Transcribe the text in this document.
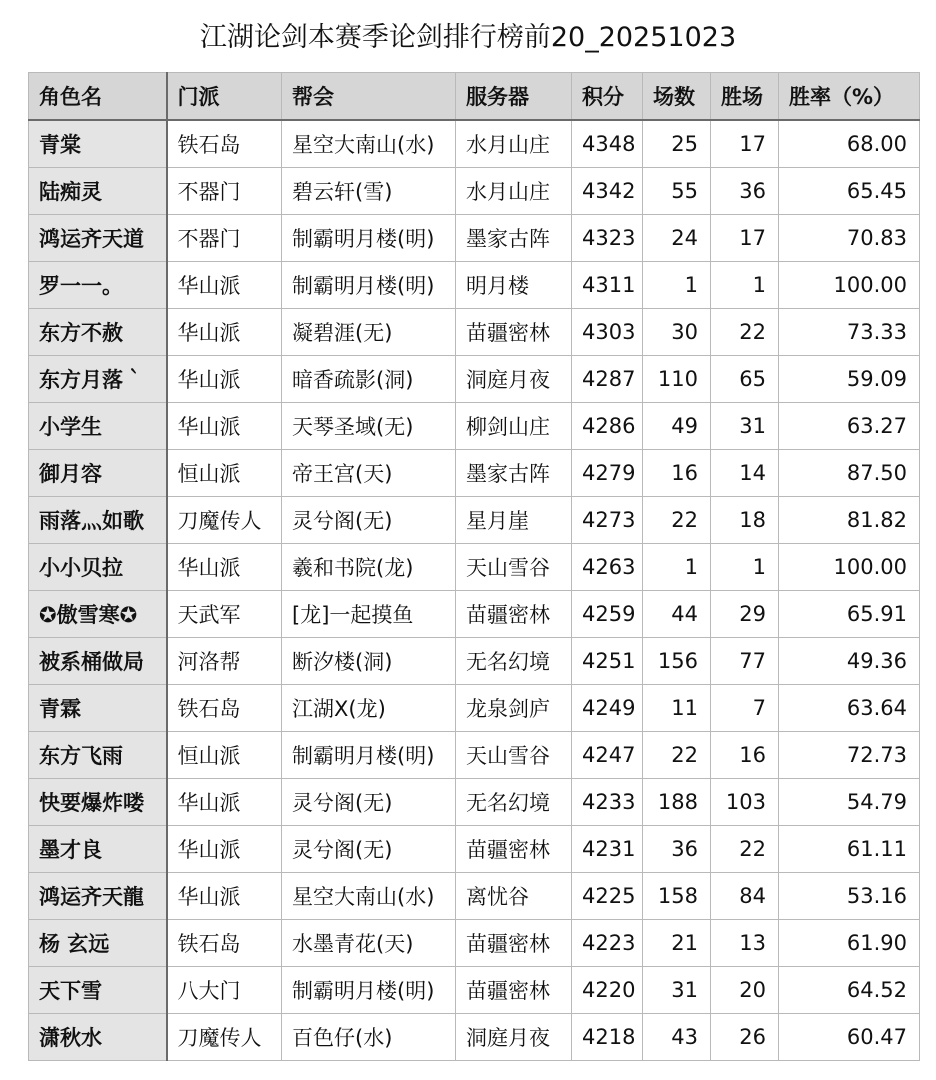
江湖论剑本赛季论剑排行榜前20_20251023
角色名	门派	帮会	服务器	积分	场数	胜场	胜率（%）
青棠	铁石岛	星空大南山(水)	水月山庄	4348	25	17	68.00
陆痴灵	不器门	碧云轩(雪)	水月山庄	4342	55	36	65.45
鸿运齐天道	不器门	制霸明月楼(明)	墨家古阵	4323	24	17	70.83
罗一一。	华山派	制霸明月楼(明)	明月楼	4311	1	1	100.00
东方不赦	华山派	凝碧涯(无)	苗疆密林	4303	30	22	73.33
东方月落｀	华山派	暗香疏影(洞)	洞庭月夜	4287	110	65	59.09
小学生	华山派	天琴圣域(无)	柳剑山庄	4286	49	31	63.27
御月容	恒山派	帝王宫(天)	墨家古阵	4279	16	14	87.50
雨落灬如歌	刀魔传人	灵兮阁(无)	星月崖	4273	22	18	81.82
小小贝拉	华山派	羲和书院(龙)	天山雪谷	4263	1	1	100.00
✪傲雪寒✪	天武军	[龙]一起摸鱼	苗疆密林	4259	44	29	65.91
被系桶做局	河洛帮	断汐楼(洞)	无名幻境	4251	156	77	49.36
青霖	铁石岛	江湖X(龙)	龙泉剑庐	4249	11	7	63.64
东方飞雨	恒山派	制霸明月楼(明)	天山雪谷	4247	22	16	72.73
快要爆炸喽	华山派	灵兮阁(无)	无名幻境	4233	188	103	54.79
墨才良	华山派	灵兮阁(无)	苗疆密林	4231	36	22	61.11
鸿运齐天龍	华山派	星空大南山(水)	离忧谷	4225	158	84	53.16
杨 玄远	铁石岛	水墨青花(天)	苗疆密林	4223	21	13	61.90
天下雪	八大门	制霸明月楼(明)	苗疆密林	4220	31	20	64.52
潇秋水	刀魔传人	百色仔(水)	洞庭月夜	4218	43	26	60.47
